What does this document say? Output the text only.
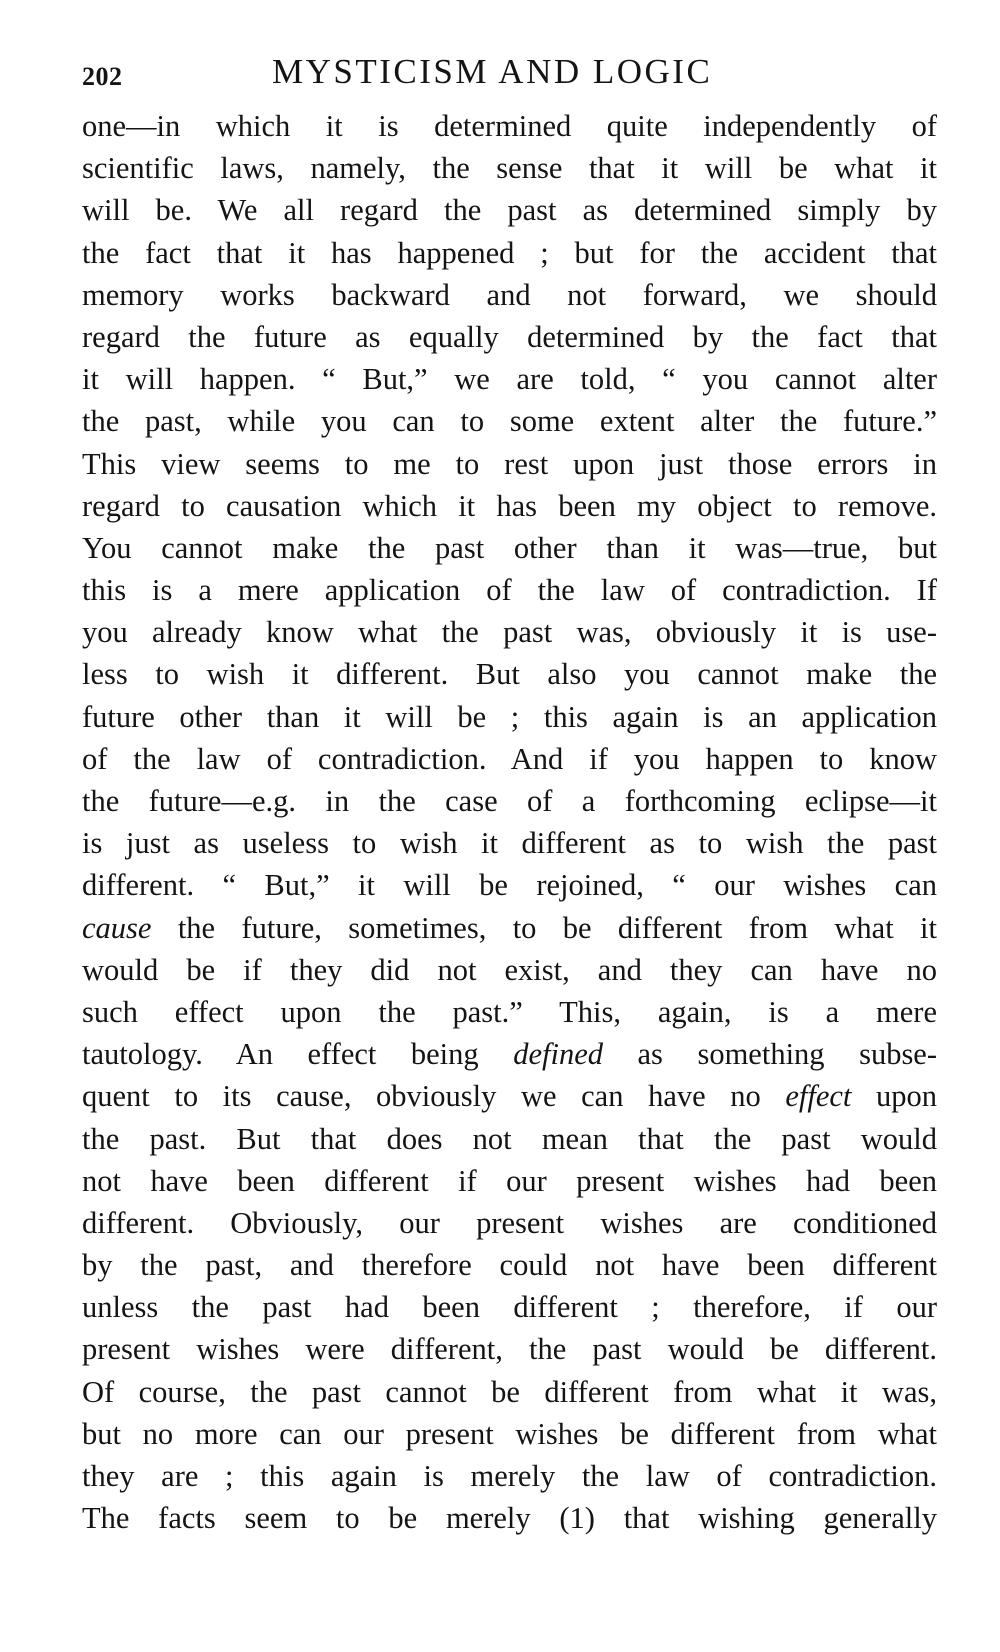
202	MYSTICISM AND LOGIC
one—in which it is determined quite independently of
scientific laws, namely, the sense that it will be what it
will be. We all regard the past as determined simply by
the fact that it has happened ; but for the accident that
memory works backward and not forward, we should
regard the future as equally determined by the fact that
it will happen. “ But,” we are told, “ you cannot alter
the past, while you can to some extent alter the future.”
This view seems to me to rest upon just those errors in
regard to causation which it has been my object to remove.
You cannot make the past other than it was—true, but
this is a mere application of the law of contradiction. If
you already know what the past was, obviously it is use-
less to wish it different. But also you cannot make the
future other than it will be ; this again is an application
of the law of contradiction. And if you happen to know
the future—e.g. in the case of a forthcoming eclipse—it
is just as useless to wish it different as to wish the past
different. “ But,” it will be rejoined, “ our wishes can
cause the future, sometimes, to be different from what it
would be if they did not exist, and they can have no
such effect upon the past.” This, again, is a mere
tautology. An effect being defined as something subse-
quent to its cause, obviously we can have no effect upon
the past. But that does not mean that the past would
not have been different if our present wishes had been
different. Obviously, our present wishes are conditioned
by the past, and therefore could not have been different
unless the past had been different ; therefore, if our
present wishes were different, the past would be different.
Of course, the past cannot be different from what it was,
but no more can our present wishes be different from what
they are ; this again is merely the law of contradiction.
The facts seem to be merely (1) that wishing generally
